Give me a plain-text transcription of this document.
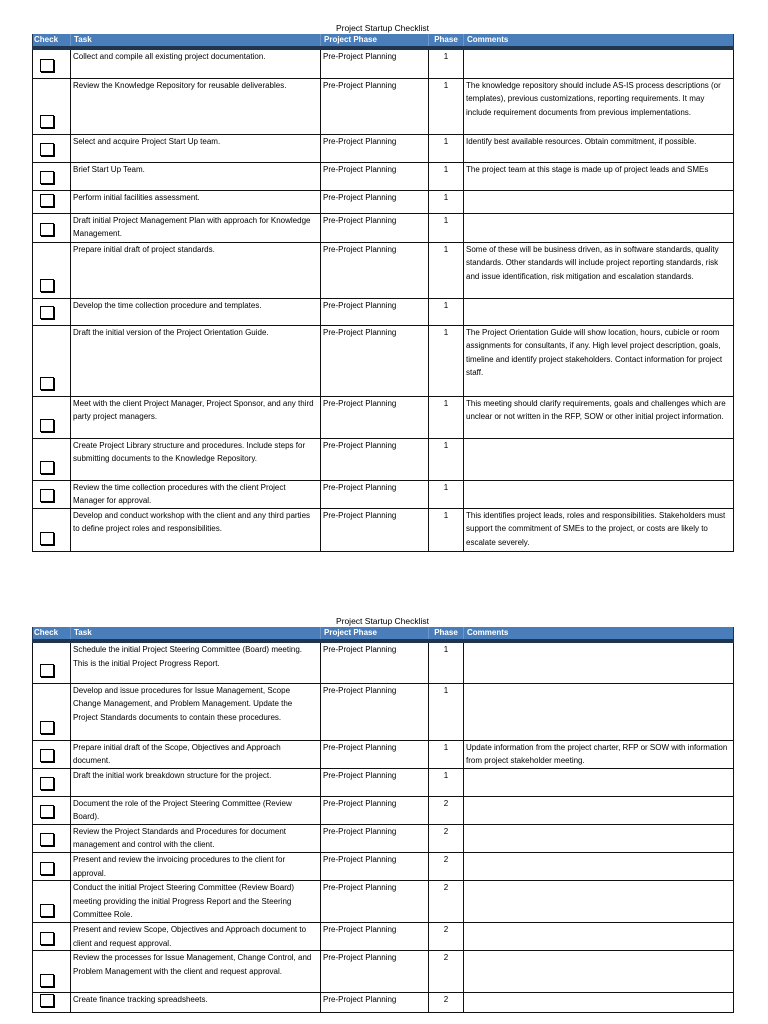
Project Startup Checklist
Check	Task	Project Phase	Phase	Comments
	Collect and compile all existing project documentation.	Pre-Project Planning	1	
	Review the Knowledge Repository for reusable deliverables.	Pre-Project Planning	1	The knowledge repository should include AS-IS process descriptions (or templates), previous customizations, reporting requirements. It may include requirement documents from previous implementations.
	Select and acquire Project Start Up team.	Pre-Project Planning	1	Identify best available resources. Obtain commitment, if possible.
	Brief Start Up Team.	Pre-Project Planning	1	The project team at this stage is made up of project leads and SMEs
	Perform initial facilities assessment.	Pre-Project Planning	1	
	Draft initial Project Management Plan with approach for Knowledge Management.	Pre-Project Planning	1	
	Prepare initial draft of project standards.	Pre-Project Planning	1	Some of these will be business driven, as in software standards, quality standards. Other standards will include project reporting standards, risk and issue identification, risk mitigation and escalation standards.
	Develop the time collection procedure and templates.	Pre-Project Planning	1	
	Draft the initial version of the Project Orientation Guide.	Pre-Project Planning	1	The Project Orientation Guide will show location, hours, cubicle or room assignments for consultants, if any. High level project description, goals, timeline and identify project stakeholders. Contact information for project staff.
	Meet with the client Project Manager, Project Sponsor, and any third party project managers.	Pre-Project Planning	1	This meeting should clarify requirements, goals and challenges which are unclear or not written in the RFP, SOW or other initial project information.
	Create Project Library structure and procedures. Include steps for submitting documents to the Knowledge Repository.	Pre-Project Planning	1	
	Review the time collection procedures with the client Project Manager for approval.	Pre-Project Planning	1	
	Develop and conduct workshop with the client and any third parties to define project roles and responsibilities.	Pre-Project Planning	1	This identifies project leads, roles and responsibilities. Stakeholders must support the commitment of SMEs to the project, or costs are likely to escalate severely.
Project Startup Checklist
Check	Task	Project Phase	Phase	Comments
	Schedule the initial Project Steering Committee (Board) meeting. This is the initial Project Progress Report.	Pre-Project Planning	1	
	Develop and issue procedures for Issue Management, Scope Change Management, and Problem Management. Update the Project Standards documents to contain these procedures.	Pre-Project Planning	1	
	Prepare initial draft of the Scope, Objectives and Approach document.	Pre-Project Planning	1	Update information from the project charter, RFP or SOW with information from project stakeholder meeting.
	Draft the initial work breakdown structure for the project.	Pre-Project Planning	1	
	Document the role of the Project Steering Committee (Review Board).	Pre-Project Planning	2	
	Review the Project Standards and Procedures for document management and control with the client.	Pre-Project Planning	2	
	Present and review the invoicing procedures to the client for approval.	Pre-Project Planning	2	
	Conduct the initial Project Steering Committee (Review Board) meeting providing the initial Progress Report and the Steering Committee Role.	Pre-Project Planning	2	
	Present and review Scope, Objectives and Approach document to client and request approval.	Pre-Project Planning	2	
	Review the processes for Issue Management, Change Control, and Problem Management with the client and request approval.	Pre-Project Planning	2	
	Create finance tracking spreadsheets.	Pre-Project Planning	2	
